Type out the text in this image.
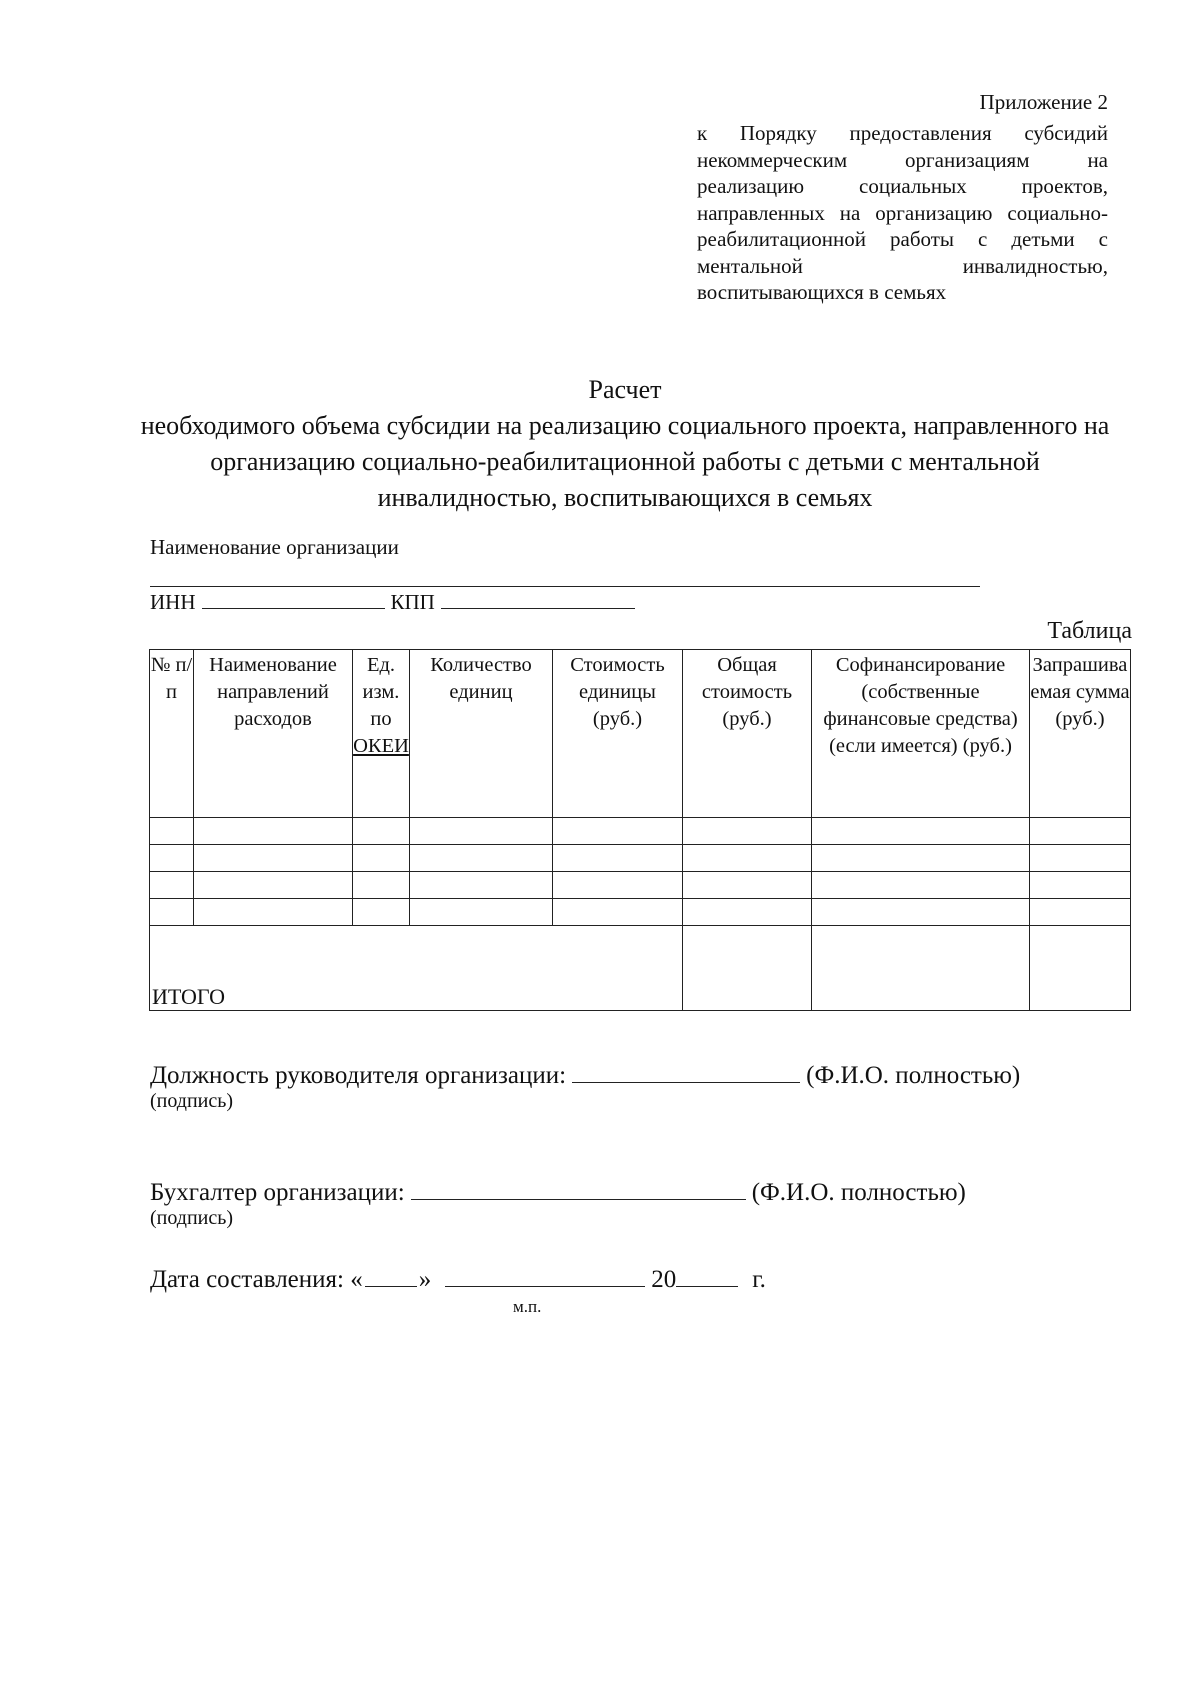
Приложение 2
к Порядку предоставления субсидий некоммерческим организациям на реализацию социальных проектов, направленных на организацию социально-реабилитационной работы с детьми с ментальной инвалидностью, воспитывающихся в семьях
Расчет
необходимого объема субсидии на реализацию социального проекта, направленного на организацию социально-реабилитационной работы с детьми с ментальной инвалидностью, воспитывающихся в семьях
Наименование организации
ИНН	КПП
Таблица
№ п/п	Наименование направлений расходов	Ед. изм. по ОКЕИ	Количество единиц	Стоимость единицы (руб.)	Общая стоимость (руб.)	Софинансирование (собственные финансовые средства) (если имеется) (руб.)	Запрашиваемая сумма (руб.)

ИТОГО							

Должность руководителя организации:	(Ф.И.О. полностью)
(подпись)
Бухгалтер организации:	(Ф.И.О. полностью)
(подпись)
Дата составления: « »	20	г.
м.п.
